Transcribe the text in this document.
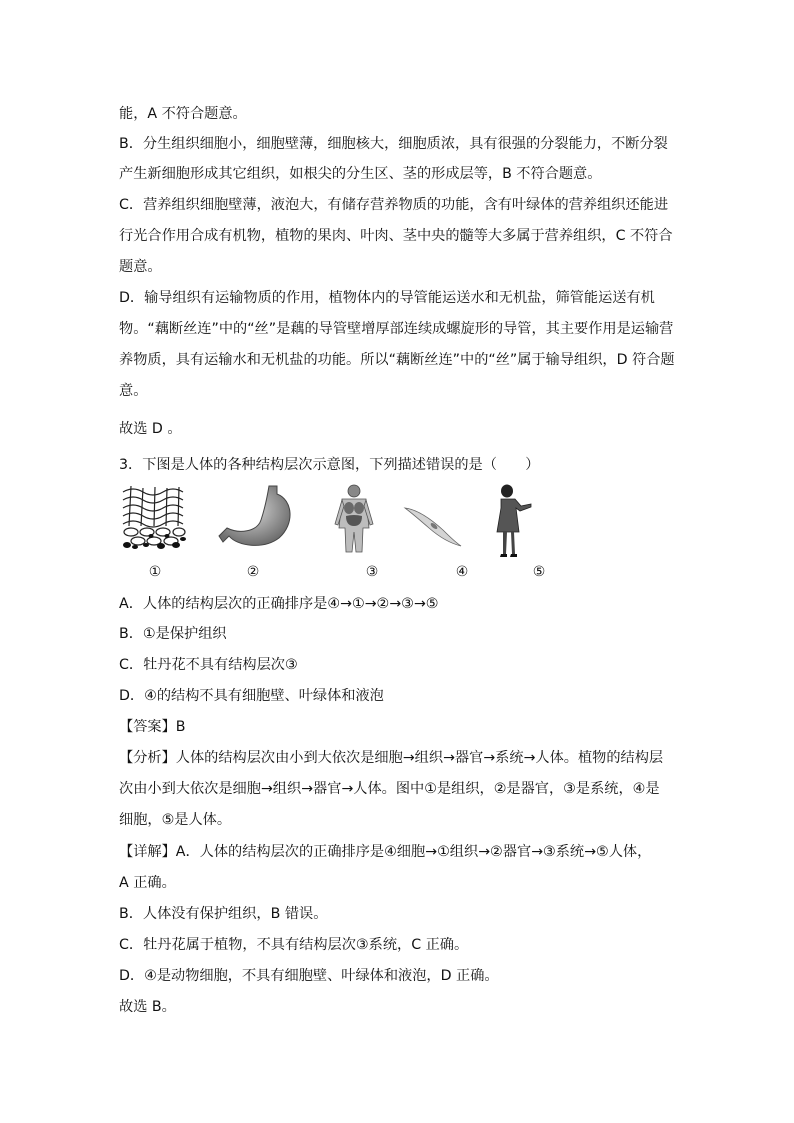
能，A 不符合题意。

B．分生组织细胞小，细胞壁薄，细胞核大，细胞质浓，具有很强的分裂能力，不断分裂

产生新细胞形成其它组织，如根尖的分生区、茎的形成层等，B 不符合题意。

C．营养组织细胞壁薄，液泡大，有储存营养物质的功能，含有叶绿体的营养组织还能进

行光合作用合成有机物，植物的果肉、叶肉、茎中央的髓等大多属于营养组织，C 不符合

题意。

D．输导组织有运输物质的作用，植物体内的导管能运送水和无机盐，筛管能运送有机

物。“藕断丝连”中的“丝”是藕的导管壁增厚部连续成螺旋形的导管，其主要作用是运输营

养物质，具有运输水和无机盐的功能。所以“藕断丝连”中的“丝”属于输导组织，D 符合题

意。

故选 D 。

3．下图是人体的各种结构层次示意图，下列描述错误的是（　　）

①	②	③	④	⑤

A．人体的结构层次的正确排序是④→①→②→③→⑤

B．①是保护组织

C．牡丹花不具有结构层次③

D．④的结构不具有细胞壁、叶绿体和液泡

【答案】B

【分析】人体的结构层次由小到大依次是细胞→组织→器官→系统→人体。植物的结构层

次由小到大依次是细胞→组织→器官→人体。图中①是组织，②是器官，③是系统，④是

细胞，⑤是人体。

【详解】A．人体的结构层次的正确排序是④细胞→①组织→②器官→③系统→⑤人体，

A 正确。

B．人体没有保护组织，B 错误。

C．牡丹花属于植物，不具有结构层次③系统，C 正确。

D．④是动物细胞，不具有细胞壁、叶绿体和液泡，D 正确。

故选 B。
